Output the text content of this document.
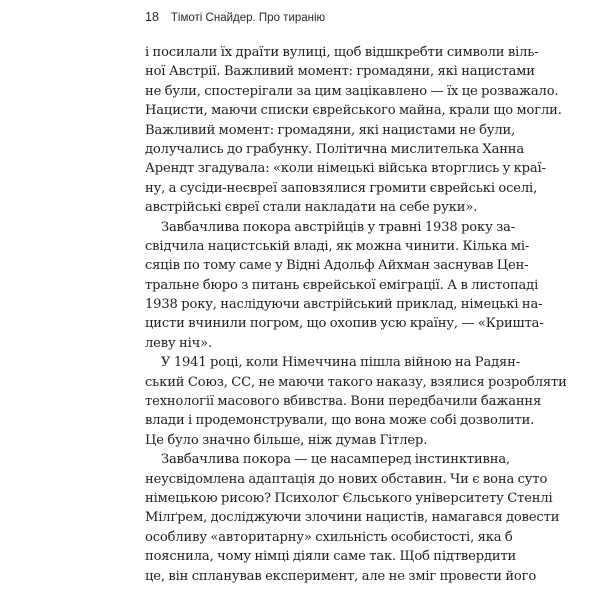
18 Тімоті Снайдер. Про тиранію
і посилали їх драїти вулиці, щоб відшкребти символи віль-
ної Австрії. Важливий момент: громадяни, які нацистами
не були, спостерігали за цим зацікавлено — їх це розважало.
Нацисти, маючи списки єврейського майна, крали що могли.
Важливий момент: громадяни, які нацистами не були,
долучались до грабунку. Політична мислителька Ханна
Арендт згадувала: «коли німецькі війська вторглись у краї-
ну, а сусіди-неєвреї заповзялися громити єврейські оселі,
австрійські євреї стали накладати на себе руки».
Завбачлива покора австрійців у травні 1938 року за-
свідчила нацистській владі, як можна чинити. Кілька мі-
сяців по тому саме у Відні Адольф Айхман заснував Цен-
тральне бюро з питань єврейської еміграції. А в листопаді
1938 року, наслідуючи австрійський приклад, німецькі на-
цисти вчинили погром, що охопив усю країну, — «Кришта-
леву ніч».
У 1941 році, коли Німеччина пішла війною на Радян-
ський Союз, СС, не маючи такого наказу, взялися розробляти
технології масового вбивства. Вони передбачили бажання
влади і продемонстрували, що вона може собі дозволити.
Це було значно більше, ніж думав Гітлер.
Завбачлива покора — це насамперед інстинктивна,
неусвідомлена адаптація до нових обставин. Чи є вона суто
німецькою рисою? Психолог Єльського університету Стенлі
Мілґрем, досліджуючи злочини нацистів, намагався довести
особливу «авторитарну» схильність особистості, яка б
пояснила, чому німці діяли саме так. Щоб підтвердити
це, він спланував експеримент, але не зміг провести його
